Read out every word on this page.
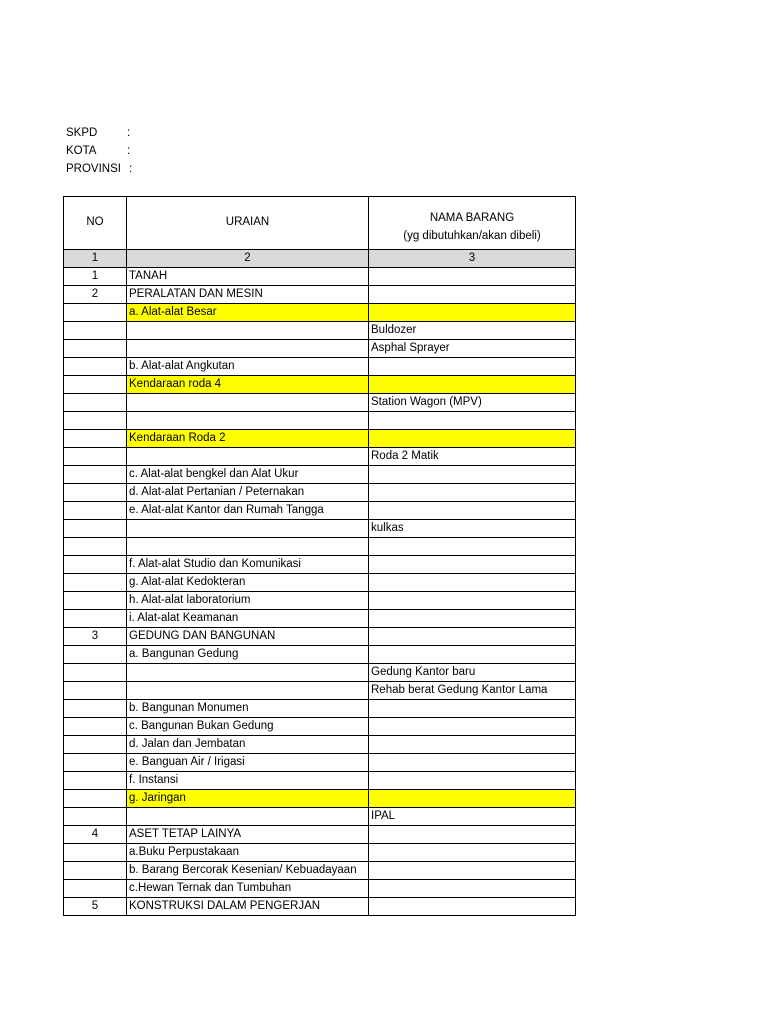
SKPD	:
KOTA	:
PROVINSI :
NO	URAIAN	NAMA BARANG
(yg dibutuhkan/akan dibeli)

1	2	3
1	TANAH	
2	PERALATAN DAN MESIN	
	a. Alat-alat Besar	
		Buldozer
		Asphal Sprayer
	b. Alat-alat Angkutan	
	Kendaraan roda 4	
		Station Wagon (MPV)

	Kendaraan Roda 2	
		Roda 2 Matik
	c. Alat-alat bengkel dan Alat Ukur	
	d. Alat-alat Pertanian / Peternakan	
	e. Alat-alat Kantor dan Rumah Tangga	
		kulkas

	f. Alat-alat Studio dan Komunikasi	
	g. Alat-alat Kedokteran	
	h. Alat-alat laboratorium	
	i. Alat-alat Keamanan	
3	GEDUNG DAN BANGUNAN	
	a. Bangunan Gedung	
		Gedung Kantor baru
		Rehab berat Gedung Kantor Lama
	b. Bangunan Monumen	
	c. Bangunan Bukan Gedung	
	d. Jalan dan Jembatan	
	e. Banguan Air / Irigasi	
	f. Instansi	
	g. Jaringan	
		IPAL
4	ASET TETAP LAINYA	
	a.Buku Perpustakaan	
	b. Barang Bercorak Kesenian/ Kebuadayaan	
	c.Hewan Ternak dan Tumbuhan	
5	KONSTRUKSI DALAM PENGERJAN	
